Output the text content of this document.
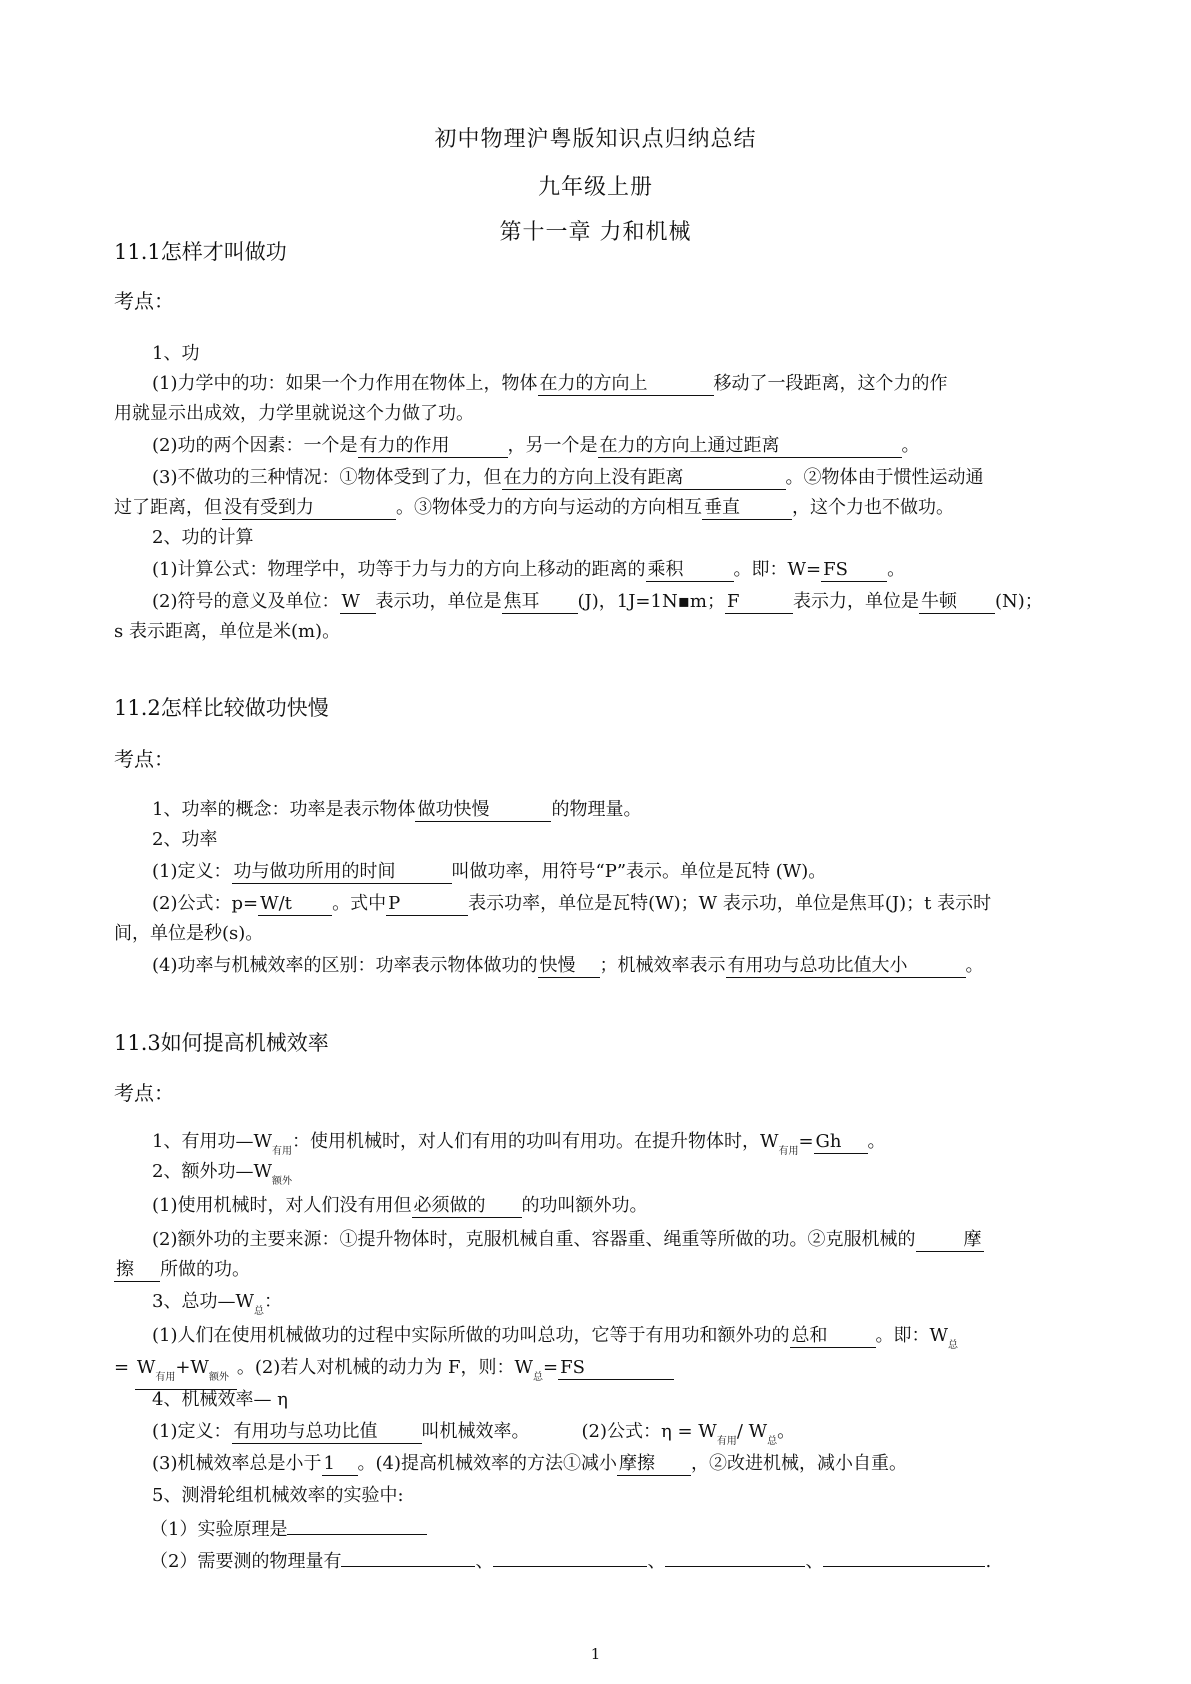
初中物理沪粤版知识点归纳总结
九年级上册
第十一章 力和机械
11.1怎样才叫做功
考点：
1、功
(1)力学中的功：如果一个力作用在物体上，物体 在力的方向上	移动了一段距离，这个力的作
用就显示出成效，力学里就说这个力做了功。
(2)功的两个因素：一个是 有力的作用	，另一个是 在力的方向上通过距离	。
(3)不做功的三种情况：①物体受到了力，但 在力的方向上没有距离	。②物体由于惯性运动通
过了距离，但 没有受到力	。③物体受力的方向与运动的方向相互 垂直	，这个力也不做功。
2、功的计算
(1)计算公式：物理学中，功等于力与力的方向上移动的距离的 乘积	。即：W= FS 。
(2)符号的意义及单位： W 表示功，单位是 焦耳 (J)，1J=1N▪m； F	表示力，单位是 牛顿 (N)；
s 表示距离，单位是米(m)。
11.2怎样比较做功快慢
考点：
1、功率的概念：功率是表示物体 做功快慢	的物理量。
2、功率
(1)定义： 功与做功所用的时间	叫做功率，用符号“P”表示。单位是瓦特 (W)。
(2)公式：p= W/t 。式中 P	表示功率，单位是瓦特(W)；W 表示功，单位是焦耳(J)；t 表示时
间，单位是秒(s)。
(4)功率与机械效率的区别：功率表示物体做功的 快慢 ；机械效率表示 有用功与总功比值大小	。
11.3如何提高机械效率
考点：
1、有用功$—W_{有用}$：使用机械时，对人们有用的功叫有用功。在提升物体时，$W_{有用}= Gh$ 。
2、额外功$—W_{额外}$
(1)使用机械时，对人们没有用但 必须做的 的功叫额外功。
(2)额外功的主要来源：①提升物体时，克服机械自重、容器重、绳重等所做的功。②克服机械的	摩
擦 所做的功。
3、总功$—W_总$：
(1)人们在使用机械做功的过程中实际所做的功叫总功，它等于有用功和额外功的 总和	。即：$W_总$
= $W_{有用}+W_{额外}$ 。(2)若人对机械的动力为 F，则：$W_总=$ FS
4、机械效率— η
(1)定义： 有用功与总功比值 叫机械效率。	(2)公式：$\eta = W_{有用}/$ $W_总$。
(3)机械效率总是小于 1 。(4)提高机械效率的方法①减小 摩擦 ，②改进机械，减小自重。
5、测滑轮组机械效率的实验中:
（1）实验原理是
（2）需要测的物理量有	、	、	、	.
1
